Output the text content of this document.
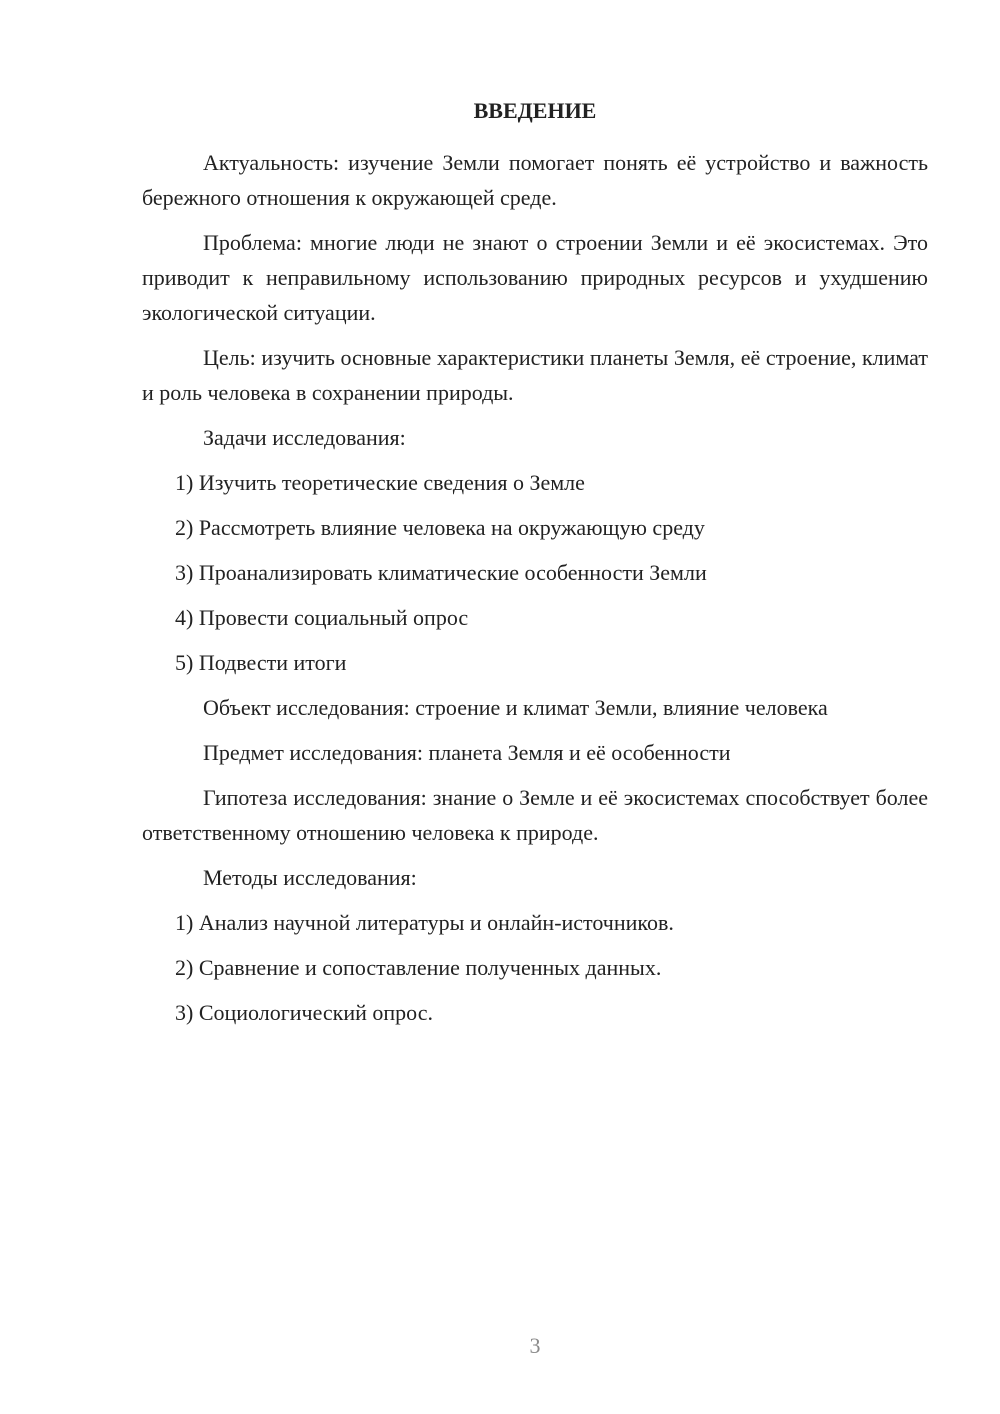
ВВЕДЕНИЕ

Актуальность: изучение Земли помогает понять её устройство и важность бережного отношения к окружающей среде.

Проблема: многие люди не знают о строении Земли и её экосистемах. Это приводит к неправильному использованию природных ресурсов и ухудшению экологической ситуации.

Цель: изучить основные характеристики планеты Земля, её строение, климат и роль человека в сохранении природы.

Задачи исследования:

1) Изучить теоретические сведения о Земле

2) Рассмотреть влияние человека на окружающую среду

3) Проанализировать климатические особенности Земли

4) Провести социальный опрос

5) Подвести итоги

Объект исследования: строение и климат Земли, влияние человека

Предмет исследования: планета Земля и её особенности

Гипотеза исследования: знание о Земле и её экосистемах способствует более ответственному отношению человека к природе.

Методы исследования:

1) Анализ научной литературы и онлайн-источников.

2) Сравнение и сопоставление полученных данных.

3) Социологический опрос.

3
